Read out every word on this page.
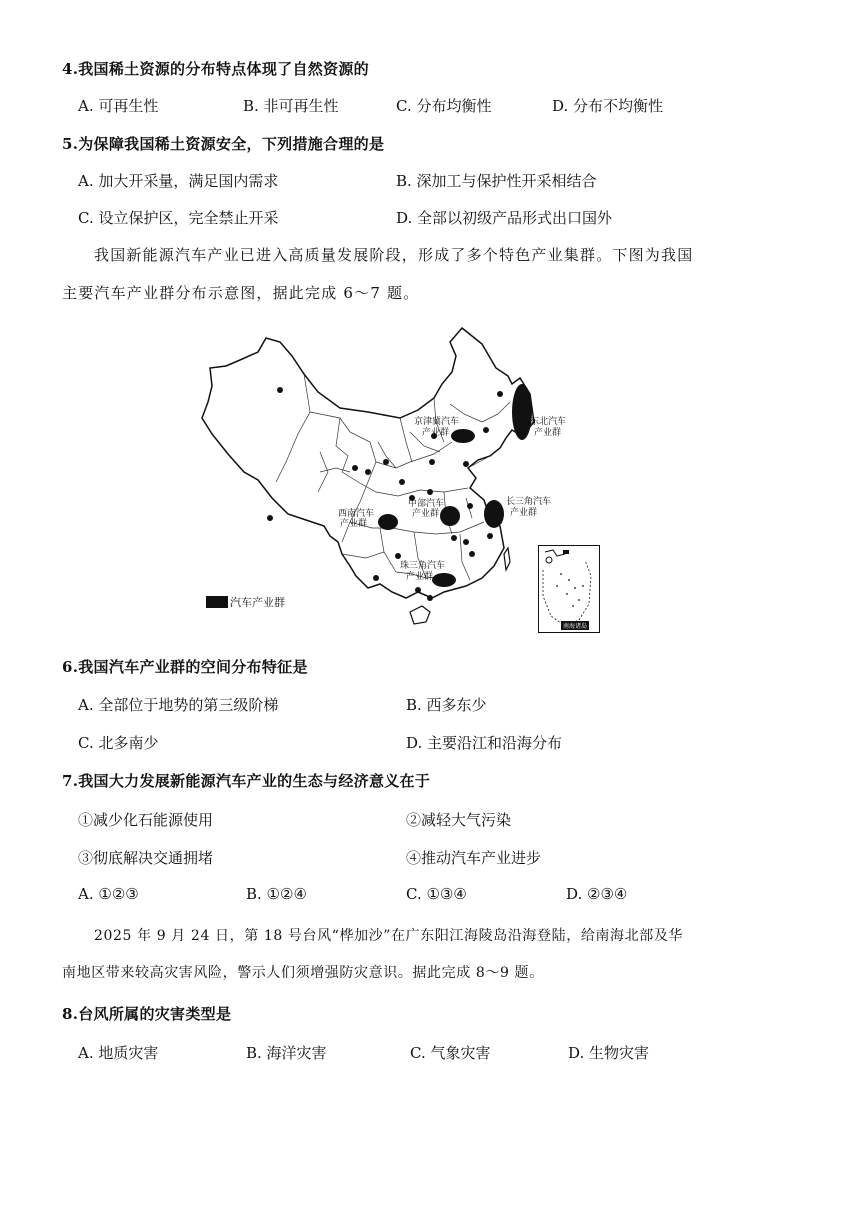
4.我国稀土资源的分布特点体现了自然资源的
A. 可再生性	B. 非可再生性	C. 分布均衡性	D. 分布不均衡性
5.为保障我国稀土资源安全，下列措施合理的是
A. 加大开采量，满足国内需求	B. 深加工与保护性开采相结合
C. 设立保护区，完全禁止开采	D. 全部以初级产品形式出口国外
我国新能源汽车产业已进入高质量发展阶段，形成了多个特色产业集群。下图为我国
主要汽车产业群分布示意图，据此完成 6～7 题。
京津冀汽车
产业群
东北汽车
产业群
中部汽车
产业群
长三角汽车
产业群
西南汽车
产业群
珠三角汽车
产业群
南海诸岛
汽车产业群
6.我国汽车产业群的空间分布特征是
A. 全部位于地势的第三级阶梯	B. 西多东少
C. 北多南少	D. 主要沿江和沿海分布
7.我国大力发展新能源汽车产业的生态与经济意义在于
①减少化石能源使用	②减轻大气污染
③彻底解决交通拥堵	④推动汽车产业进步
A. ①②③	B. ①②④	C. ①③④	D. ②③④
2025 年 9 月 24 日，第 18 号台风“桦加沙”在广东阳江海陵岛沿海登陆，给南海北部及华
南地区带来较高灾害风险，警示人们须增强防灾意识。据此完成 8～9 题。
8.台风所属的灾害类型是
A. 地质灾害	B. 海洋灾害	C. 气象灾害	D. 生物灾害
